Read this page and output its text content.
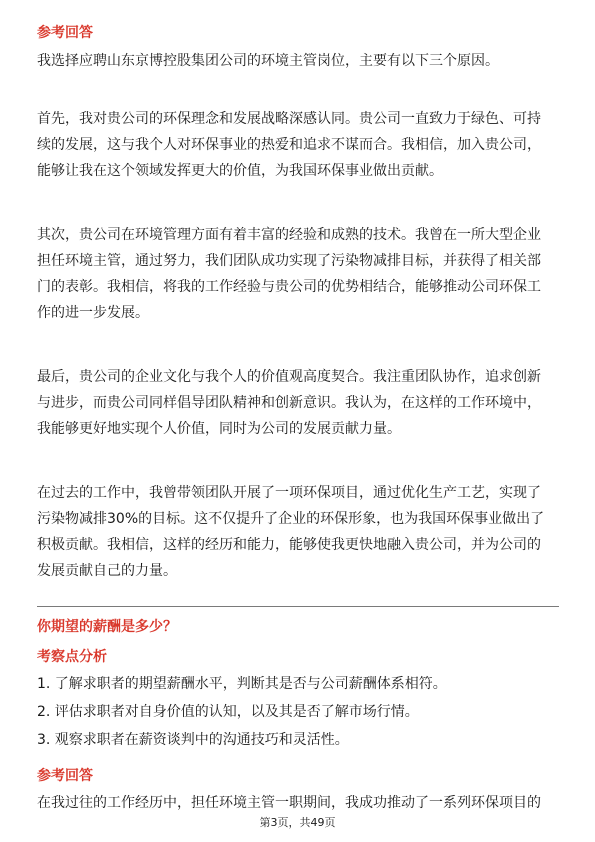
参考回答
我选择应聘山东京博控股集团公司的环境主管岗位，主要有以下三个原因。
首先，我对贵公司的环保理念和发展战略深感认同。贵公司一直致力于绿色、可持
续的发展，这与我个人对环保事业的热爱和追求不谋而合。我相信，加入贵公司，
能够让我在这个领域发挥更大的价值，为我国环保事业做出贡献。
其次，贵公司在环境管理方面有着丰富的经验和成熟的技术。我曾在一所大型企业
担任环境主管，通过努力，我们团队成功实现了污染物减排目标，并获得了相关部
门的表彰。我相信，将我的工作经验与贵公司的优势相结合，能够推动公司环保工
作的进一步发展。
最后，贵公司的企业文化与我个人的价值观高度契合。我注重团队协作，追求创新
与进步，而贵公司同样倡导团队精神和创新意识。我认为，在这样的工作环境中，
我能够更好地实现个人价值，同时为公司的发展贡献力量。
在过去的工作中，我曾带领团队开展了一项环保项目，通过优化生产工艺，实现了
污染物减排30%的目标。这不仅提升了企业的环保形象，也为我国环保事业做出了
积极贡献。我相信，这样的经历和能力，能够使我更快地融入贵公司，并为公司的
发展贡献自己的力量。
你期望的薪酬是多少？
考察点分析
1. 了解求职者的期望薪酬水平，判断其是否与公司薪酬体系相符。
2. 评估求职者对自身价值的认知，以及其是否了解市场行情。
3. 观察求职者在薪资谈判中的沟通技巧和灵活性。
参考回答
在我过往的工作经历中，担任环境主管一职期间，我成功推动了一系列环保项目的
第3页，共49页
